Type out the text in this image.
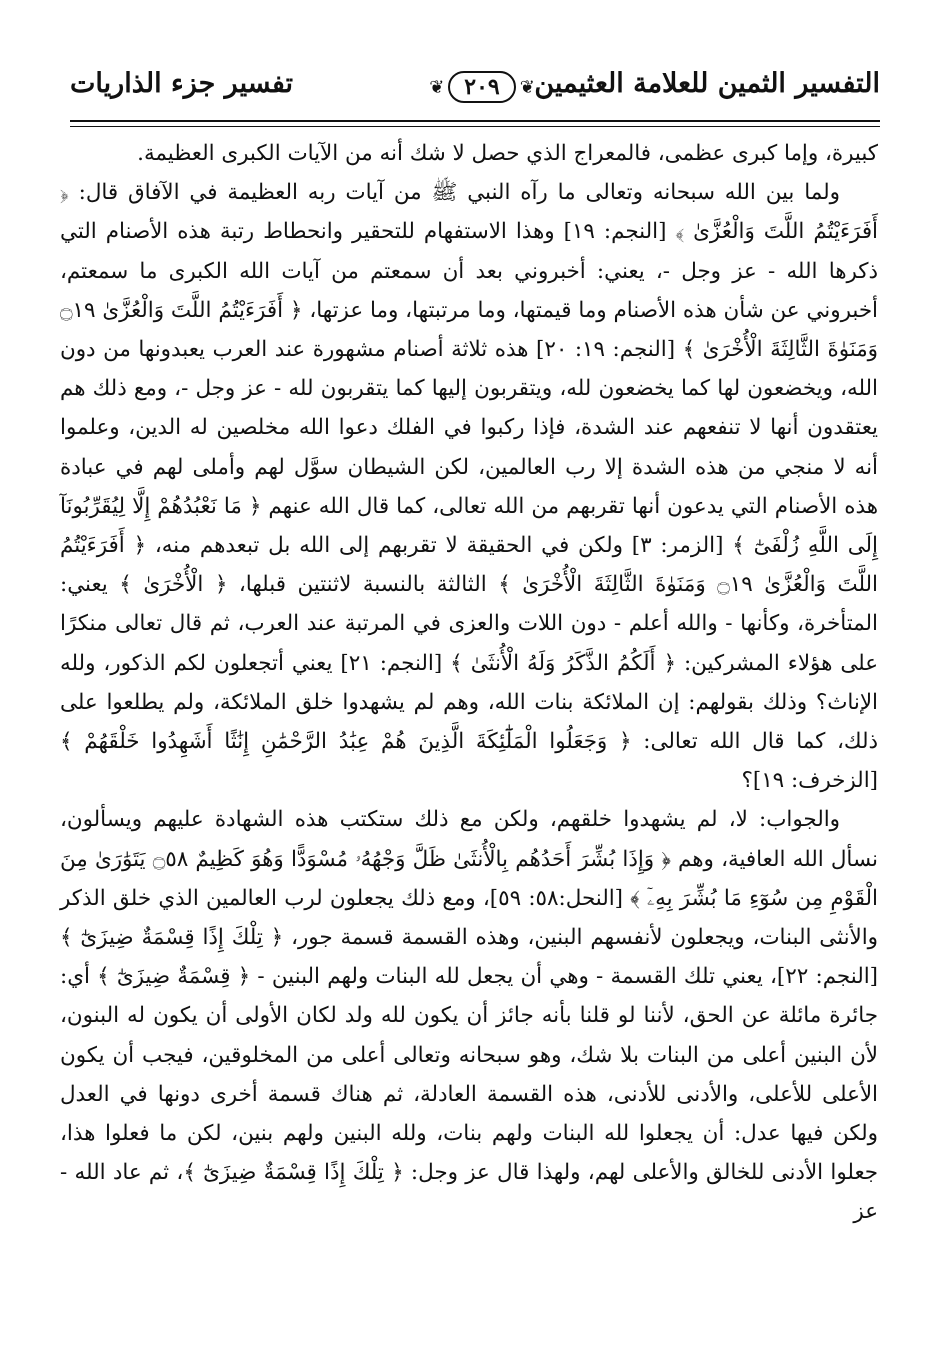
التفسير الثمين للعلامة العثيمين
❦
٢٠٩
❦
تفسير جزء الذاريات

كبيرة، وإما كبرى عظمى، فالمعراج الذي حصل لا شك أنه من الآيات الكبرى العظيمة.

ولما بين الله سبحانه وتعالى ما رآه النبي ﷺ من آيات ربه العظيمة في الآفاق قال: ﴿ أَفَرَءَيْتُمُ اللَّتَ وَالْعُزَّىٰ ﴾ [النجم: ١٩] وهذا الاستفهام للتحقير وانحطاط رتبة هذه الأصنام التي ذكرها الله - عز وجل -، يعني: أخبروني بعد أن سمعتم من آيات الله الكبرى ما سمعتم، أخبروني عن شأن هذه الأصنام وما قيمتها، وما مرتبتها، وما عزتها، ﴿ أَفَرَءَيْتُمُ اللَّتَ وَالْعُزَّىٰ ۝١٩ وَمَنَوٰةَ الثَّالِثَةَ الْأُخْرَىٰ ﴾ [النجم: ١٩: ٢٠] هذه ثلاثة أصنام مشهورة عند العرب يعبدونها من دون الله، ويخضعون لها كما يخضعون لله، ويتقربون إليها كما يتقربون لله - عز وجل -، ومع ذلك هم يعتقدون أنها لا تنفعهم عند الشدة، فإذا ركبوا في الفلك دعوا الله مخلصين له الدين، وعلموا أنه لا منجي من هذه الشدة إلا رب العالمين، لكن الشيطان سوَّل لهم وأملى لهم في عبادة هذه الأصنام التي يدعون أنها تقربهم من الله تعالى، كما قال الله عنهم ﴿ مَا نَعْبُدُهُمْ إِلَّا لِيُقَرِّبُونَآ إِلَى اللَّهِ زُلْفَىٰٓ ﴾ [الزمر: ٣] ولكن في الحقيقة لا تقربهم إلى الله بل تبعدهم منه، ﴿ أَفَرَءَيْتُمُ اللَّتَ وَالْعُزَّىٰ ۝١٩ وَمَنَوٰةَ الثَّالِثَةَ الْأُخْرَىٰ ﴾ الثالثة بالنسبة لاثنتين قبلها، ﴿ الْأُخْرَىٰ ﴾ يعني: المتأخرة، وكأنها - والله أعلم - دون اللات والعزى في المرتبة عند العرب، ثم قال تعالى منكرًا على هؤلاء المشركين: ﴿ أَلَكُمُ الذَّكَرُ وَلَهُ الْأُنثَىٰ ﴾ [النجم: ٢١] يعني أتجعلون لكم الذكور، ولله الإناث؟ وذلك بقولهم: إن الملائكة بنات الله، وهم لم يشهدوا خلق الملائكة، ولم يطلعوا على ذلك، كما قال الله تعالى: ﴿ وَجَعَلُوا الْمَلَٰٓئِكَةَ الَّذِينَ هُمْ عِبَٰدُ الرَّحْمَٰنِ إِنَٰثًا أَشَهِدُوا خَلْقَهُمْ ﴾ [الزخرف: ١٩]؟

والجواب: لا، لم يشهدوا خلقهم، ولكن مع ذلك ستكتب هذه الشهادة عليهم ويسألون، نسأل الله العافية، وهم ﴿ وَإِذَا بُشِّرَ أَحَدُهُم بِالْأُنثَىٰ ظَلَّ وَجْهُهُۥ مُسْوَدًّا وَهُوَ كَظِيمٌ ۝٥٨ يَتَوَٰرَىٰ مِنَ الْقَوْمِ مِن سُوٓءِ مَا بُشِّرَ بِهِۦٓ ﴾ [النحل:٥٨: ٥٩]، ومع ذلك يجعلون لرب العالمين الذي خلق الذكر والأنثى البنات، ويجعلون لأنفسهم البنين، وهذه القسمة قسمة جور، ﴿ تِلْكَ إِذًا قِسْمَةٌ ضِيزَىٰٓ ﴾ [النجم: ٢٢]، يعني تلك القسمة - وهي أن يجعل لله البنات ولهم البنين - ﴿ قِسْمَةٌ ضِيزَىٰٓ ﴾ أي: جائرة مائلة عن الحق، لأننا لو قلنا بأنه جائز أن يكون لله ولد لكان الأولى أن يكون له البنون، لأن البنين أعلى من البنات بلا شك، وهو سبحانه وتعالى أعلى من المخلوقين، فيجب أن يكون الأعلى للأعلى، والأدنى للأدنى، هذه القسمة العادلة، ثم هناك قسمة أخرى دونها في العدل ولكن فيها عدل: أن يجعلوا لله البنات ولهم بنات، ولله البنين ولهم بنين، لكن ما فعلوا هذا، جعلوا الأدنى للخالق والأعلى لهم، ولهذا قال عز وجل: ﴿ تِلْكَ إِذًا قِسْمَةٌ ضِيزَىٰٓ ﴾، ثم عاد الله - عز
